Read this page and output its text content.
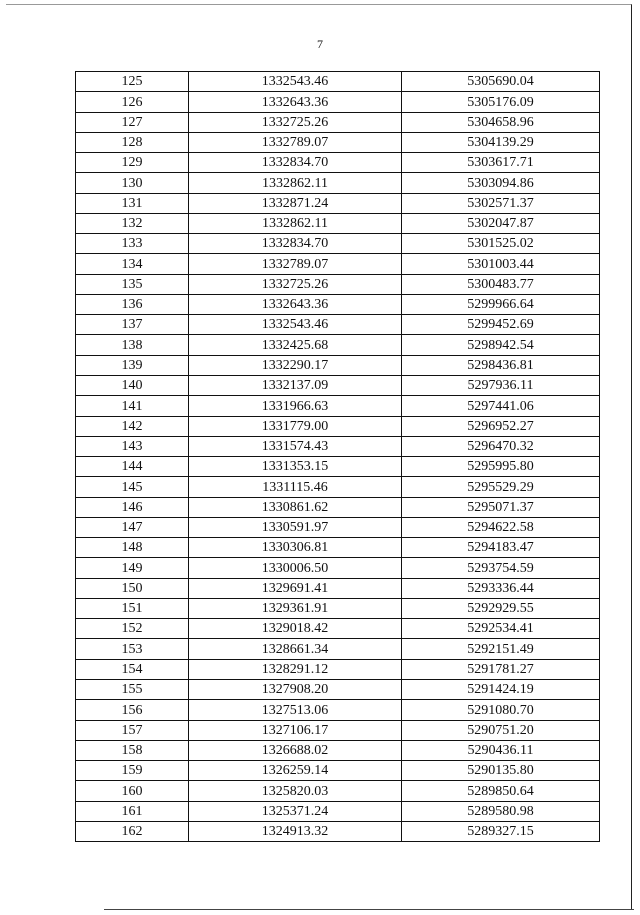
7
125	1332543.46	5305690.04
126	1332643.36	5305176.09
127	1332725.26	5304658.96
128	1332789.07	5304139.29
129	1332834.70	5303617.71
130	1332862.11	5303094.86
131	1332871.24	5302571.37
132	1332862.11	5302047.87
133	1332834.70	5301525.02
134	1332789.07	5301003.44
135	1332725.26	5300483.77
136	1332643.36	5299966.64
137	1332543.46	5299452.69
138	1332425.68	5298942.54
139	1332290.17	5298436.81
140	1332137.09	5297936.11
141	1331966.63	5297441.06
142	1331779.00	5296952.27
143	1331574.43	5296470.32
144	1331353.15	5295995.80
145	1331115.46	5295529.29
146	1330861.62	5295071.37
147	1330591.97	5294622.58
148	1330306.81	5294183.47
149	1330006.50	5293754.59
150	1329691.41	5293336.44
151	1329361.91	5292929.55
152	1329018.42	5292534.41
153	1328661.34	5292151.49
154	1328291.12	5291781.27
155	1327908.20	5291424.19
156	1327513.06	5291080.70
157	1327106.17	5290751.20
158	1326688.02	5290436.11
159	1326259.14	5290135.80
160	1325820.03	5289850.64
161	1325371.24	5289580.98
162	1324913.32	5289327.15
